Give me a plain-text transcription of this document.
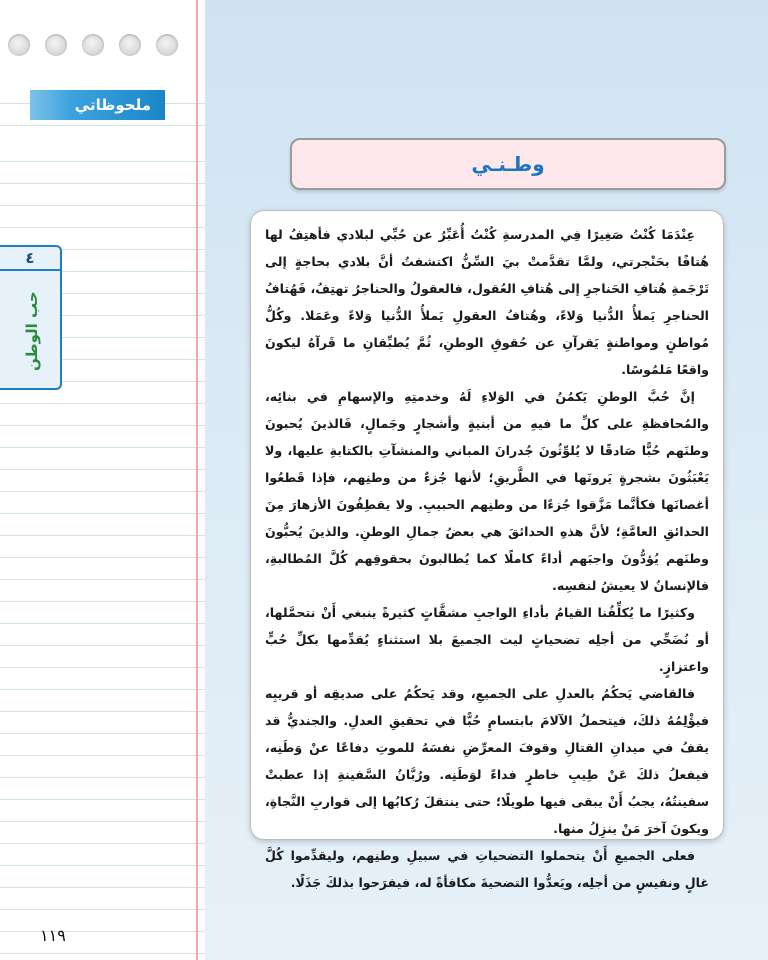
ملحوظاتي
٤
حب الوطن
١١٩
وطـنـي

عِنْدَمَا كُنْتُ صَغِيرًا فِي المدرسةِ كُنْتُ أُعَبِّرُ عن حُبِّي لبلادي فأهتِفُ لها هُتافًا بحَنْجرتي، ولمَّا تقدَّمتْ بيَ السِّنُّ اكتشفتُ أنَّ بلادي بحاجةٍ إلى تَرْجَمةِ هُتافِ الحَناجرِ إلى هُتافِ العُقول، فالعقولُ والحناجرُ تهتِفُ، فَهُتافُ الحناجرِ يَملأُ الدُّنيا وَلاءً، وهُتافُ العقولِ يَملأُ الدُّنيا وَلاءً وعَمَلا. وكُلُّ مُواطنٍ ومواطنةٍ يَقرآنِ عن حُقوقِ الوطنِ، ثُمَّ يُطبِّقانِ ما قَرآهُ ليكونَ واقعًا مَلمُوسًا.

إنَّ حُبَّ الوطنِ يَكمُنُ في الوَلاءِ لَهُ وخدمتِهِ والإسهامِ في بنائِه، والمُحافظةِ على كلِّ ما فيهِ من أبنيةٍ وأشجارٍ وجَمالٍ، فَالذينَ يُحبونَ وطنَهم حُبًّا صَادقًا لا يُلوِّثُونَ جُدرانَ المباني والمنشآتِ بالكتابةِ عليها، ولا يَعْبَثُونَ بشجرةٍ يَرونَها في الطَّريقِ؛ لأنها جُزءٌ من وطنِهم، فإذا قَطعُوا أغصانَها فكأنَّما مَزَّقوا جُزءًا من وطنِهم الحبيبِ. ولا يقطِفُونَ الأزهارَ مِنَ الحدائقِ العامَّةِ؛ لأنَّ هذهِ الحدائقَ هي بعضُ جمالِ الوطنِ. والذينَ يُحبُّونَ وطنَهم يُؤدُّونَ واجبَهم أداءً كاملًا كما يُطالبونَ بحقوقِهم كُلَّ المُطالبةِ، فالإنسانُ لا يعيشُ لنفسِه.

وكثيرًا ما يُكلِّفُنا القيامُ بأداءِ الواجبِ مشقَّاتٍ كثيرةً ينبغي أَنْ نتحمَّلها، أو نُضَحِّي من أجلِه تضحياتٍ ليت الجميعَ بلا استثناءٍ يُقدِّمها بكلِّ حُبٍّ واعتزازٍ.

فالقاضي يَحكُمُ بالعدلِ على الجميعِ، وقد يَحكُمُ على صديقِه أو قريبِه فيؤْلِمُهُ ذلكَ، فيتحملُ الآلامَ بابتسامٍ حُبًّا في تحقيقِ العدلِ. والجنديُّ قد يقفُ في ميدانِ القتالِ وقوفَ المعرِّضِ نفسَهُ للموتِ دفاعًا عنْ وَطَنِه، فيفعلُ ذلكَ عَنْ طِيبِ خاطرٍ فداءً لوَطَنِه. ورُبَّانُ السَّفينةِ إذا عطبتْ سفينتُهُ، يجبُ أَنْ يبقى فيها طويلًا؛ حتى ينتقلَ رُكابُها إلى قواربِ النَّجاةِ، ويكونَ آخرَ مَنْ ينزِلُ منها.

فعلى الجميعِ أَنْ يتحملوا التضحياتِ في سبيلِ وطنِهم، وليقدِّموا كُلَّ غالٍ ونفيسٍ من أجلِه، ويَعدُّوا التضحيةَ مكافأةً له، فيفرَحوا بذلكَ جَذَلًا.
